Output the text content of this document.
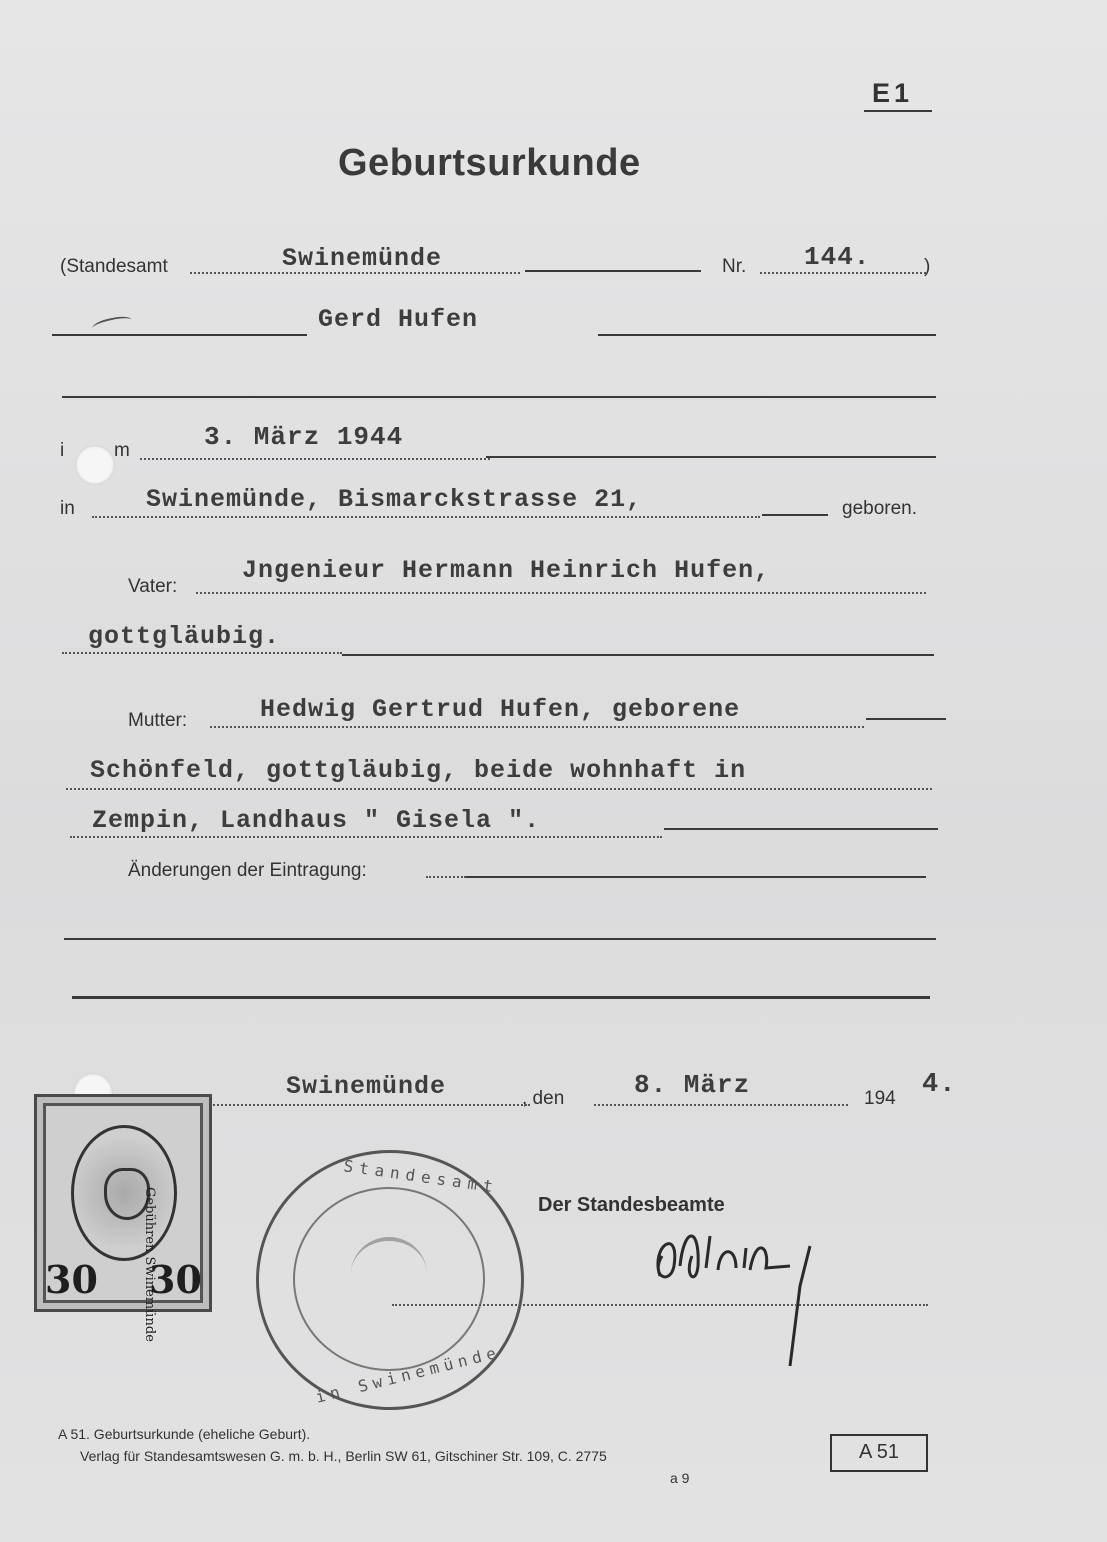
E1
Geburtsurkunde
(Standesamt	Swinemünde	Nr. 144.	)
Gerd Hufen
i	m	3. März 1944
in	Swinemünde, Bismarckstrasse 21,	geboren.
Vater:
Jngenieur Hermann Heinrich Hufen,
gottgläubig.
Mutter:	Hedwig Gertrud Hufen, geborene
Schönfeld, gottgläubig, beide wohnhaft in
Zempin, Landhaus " Gisela ".
Änderungen der Eintragung:
Swinemünde	, den	8. März	194 4.
Gebühren Swinemünde
30 30
Standesamt
in Swinemünde
Der Standesbeamte
A 51. Geburtsurkunde (eheliche Geburt).
Verlag für Standesamtswesen G. m. b. H., Berlin SW 61, Gitschiner Str. 109, C. 2775
a 9
A 51
